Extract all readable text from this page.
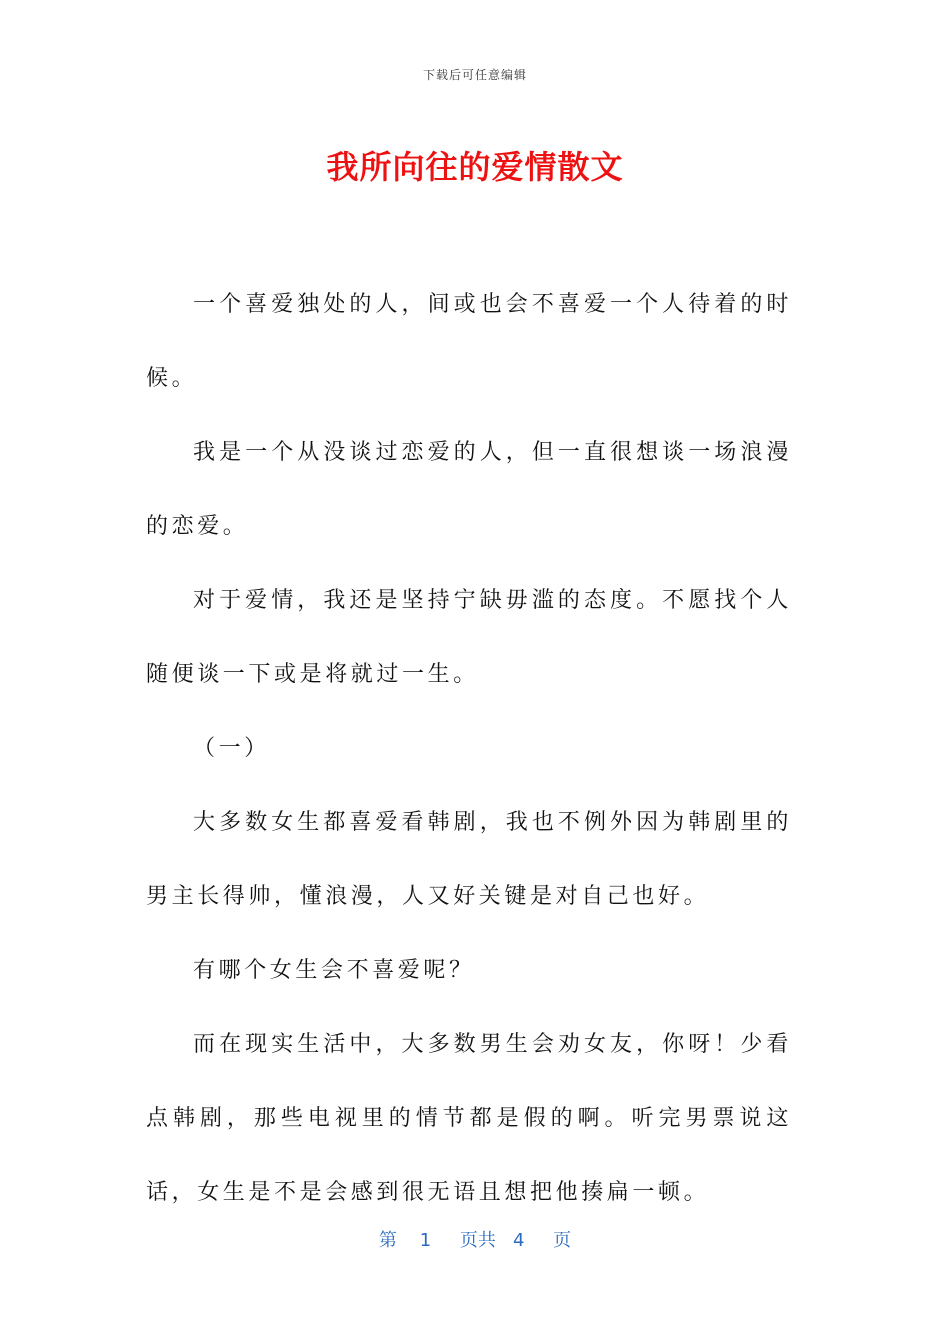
下载后可任意编辑
我所向往的爱情散文

一个喜爱独处的人，间或也会不喜爱一个人待着的时候。

我是一个从没谈过恋爱的人，但一直很想谈一场浪漫的恋爱。

对于爱情，我还是坚持宁缺毋滥的态度。不愿找个人随便谈一下或是将就过一生。

（一）

大多数女生都喜爱看韩剧，我也不例外因为韩剧里的男主长得帅，懂浪漫，人又好关键是对自己也好。

有哪个女生会不喜爱呢？

而在现实生活中，大多数男生会劝女友，你呀！少看点韩剧，那些电视里的情节都是假的啊。听完男票说这话，女生是不是会感到很无语且想把他揍扁一顿。

第 1 页共 4 页
